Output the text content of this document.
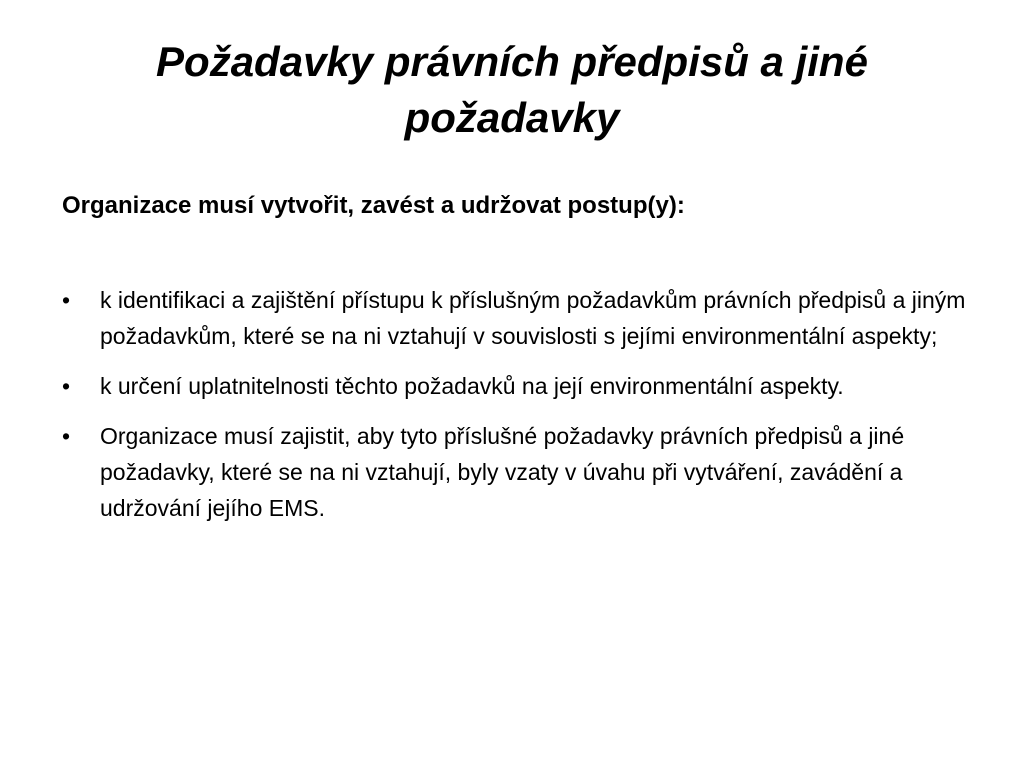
Požadavky právních předpisů a jiné požadavky

Organizace musí vytvořit, zavést a udržovat postup(y):

•	k identifikaci a zajištění přístupu k příslušným požadavkům právních předpisů a jiným požadavkům, které se na ni vztahují v souvislosti s jejími environmentální aspekty;
•	k určení uplatnitelnosti těchto požadavků na její environmentální aspekty.
•	Organizace musí zajistit, aby tyto příslušné požadavky právních předpisů a jiné požadavky, které se na ni vztahují, byly vzaty v úvahu při vytváření, zavádění a udržování jejího EMS.
